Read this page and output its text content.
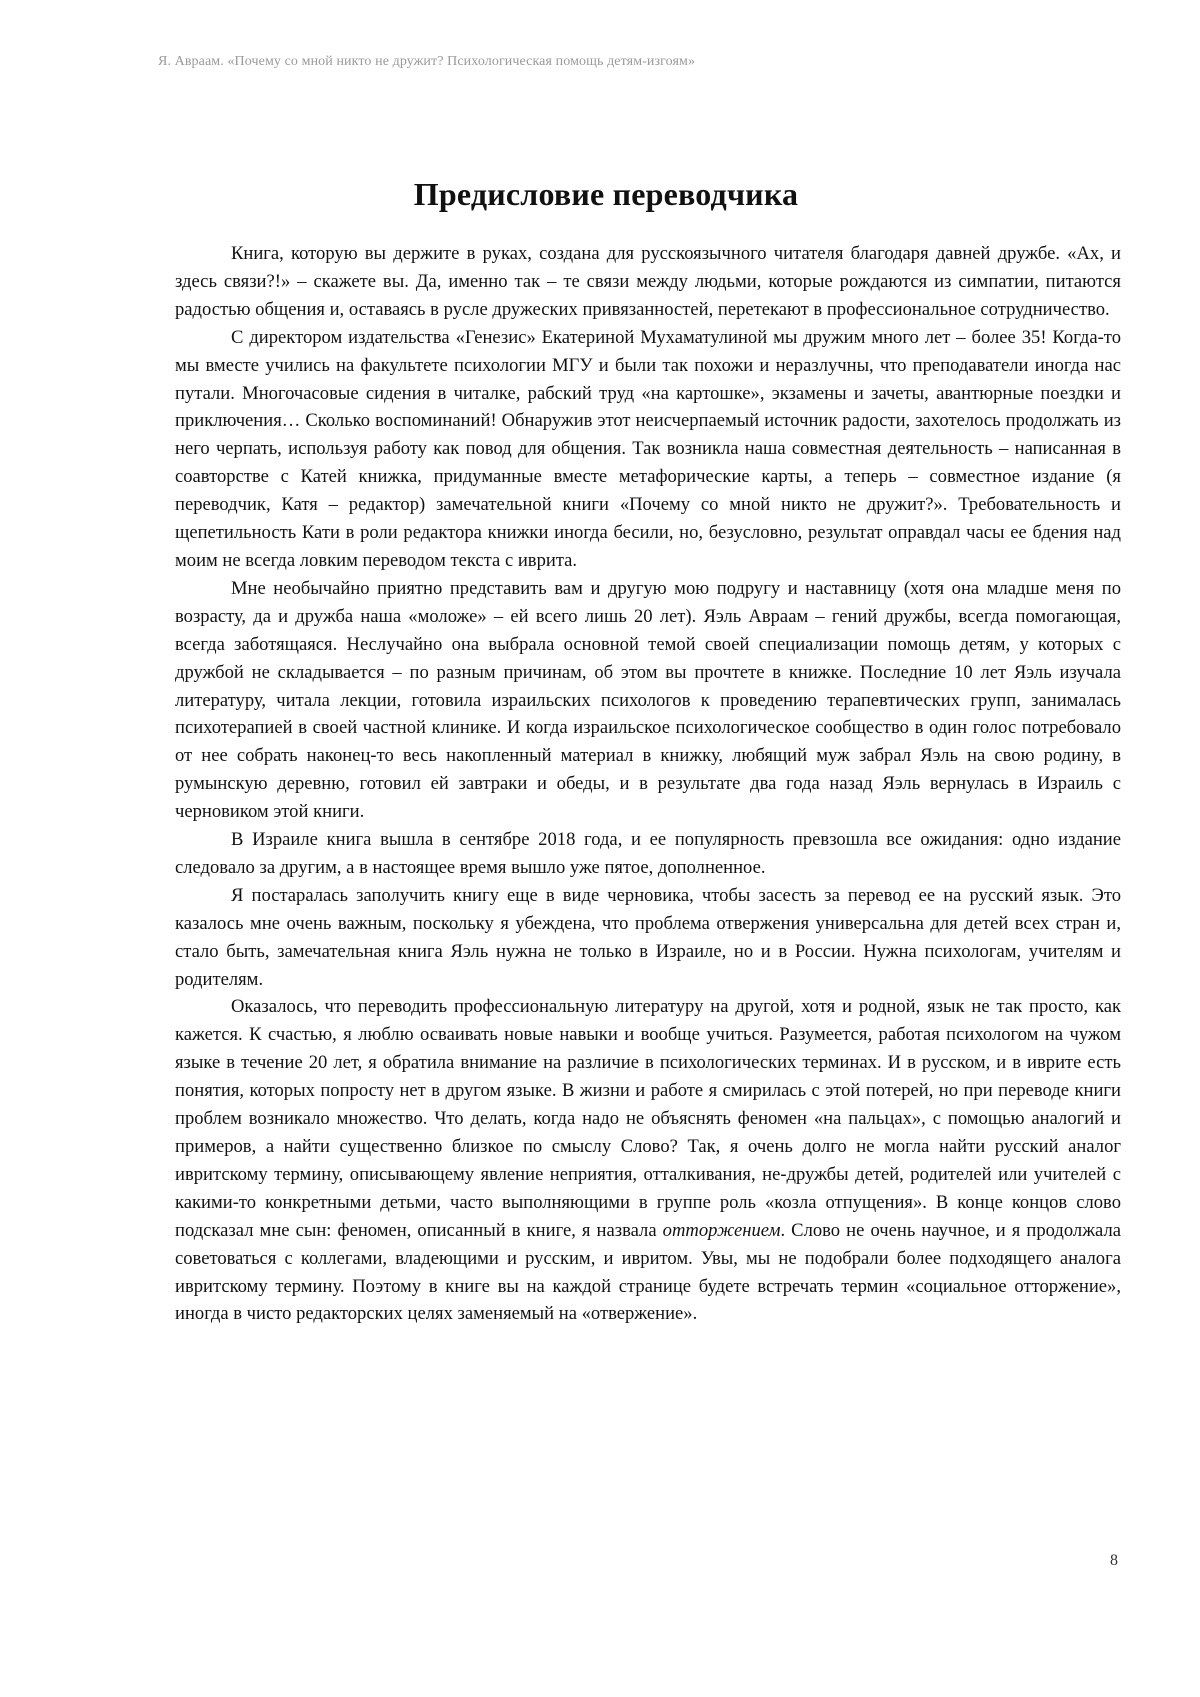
Я. Авраам. «Почему со мной никто не дружит? Психологическая помощь детям-изгоям»
Предисловие переводчика

Книга, которую вы держите в руках, создана для русскоязычного читателя благодаря давней дружбе. «Ах, и здесь связи?!» – скажете вы. Да, именно так – те связи между людьми, которые рождаются из симпатии, питаются радостью общения и, оставаясь в русле дружеских привязанностей, перетекают в профессиональное сотрудничество.

С директором издательства «Генезис» Екатериной Мухаматулиной мы дружим много лет – более 35! Когда-то мы вместе учились на факультете психологии МГУ и были так похожи и неразлучны, что преподаватели иногда нас путали. Многочасовые сидения в читалке, рабский труд «на картошке», экзамены и зачеты, авантюрные поездки и приключения… Сколько воспоминаний! Обнаружив этот неисчерпаемый источник радости, захотелось продолжать из него черпать, используя работу как повод для общения. Так возникла наша совместная деятельность – написанная в соавторстве с Катей книжка, придуманные вместе метафорические карты, а теперь – совместное издание (я переводчик, Катя – редактор) замечательной книги «Почему со мной никто не дружит?». Требовательность и щепетильность Кати в роли редактора книжки иногда бесили, но, безусловно, результат оправдал часы ее бдения над моим не всегда ловким переводом текста с иврита.

Мне необычайно приятно представить вам и другую мою подругу и наставницу (хотя она младше меня по возрасту, да и дружба наша «моложе» – ей всего лишь 20 лет). Яэль Авраам – гений дружбы, всегда помогающая, всегда заботящаяся. Неслучайно она выбрала основной темой своей специализации помощь детям, у которых с дружбой не складывается – по разным причинам, об этом вы прочтете в книжке. Последние 10 лет Яэль изучала литературу, читала лекции, готовила израильских психологов к проведению терапевтических групп, занималась психотерапией в своей частной клинике. И когда израильское психологическое сообщество в один голос потребовало от нее собрать наконец-то весь накопленный материал в книжку, любящий муж забрал Яэль на свою родину, в румынскую деревню, готовил ей завтраки и обеды, и в результате два года назад Яэль вернулась в Израиль с черновиком этой книги.

В Израиле книга вышла в сентябре 2018 года, и ее популярность превзошла все ожидания: одно издание следовало за другим, а в настоящее время вышло уже пятое, дополненное.

Я постаралась заполучить книгу еще в виде черновика, чтобы засесть за перевод ее на русский язык. Это казалось мне очень важным, поскольку я убеждена, что проблема отвержения универсальна для детей всех стран и, стало быть, замечательная книга Яэль нужна не только в Израиле, но и в России. Нужна психологам, учителям и родителям.

Оказалось, что переводить профессиональную литературу на другой, хотя и родной, язык не так просто, как кажется. К счастью, я люблю осваивать новые навыки и вообще учиться. Разумеется, работая психологом на чужом языке в течение 20 лет, я обратила внимание на различие в психологических терминах. И в русском, и в иврите есть понятия, которых попросту нет в другом языке. В жизни и работе я смирилась с этой потерей, но при переводе книги проблем возникало множество. Что делать, когда надо не объяснять феномен «на пальцах», с помощью аналогий и примеров, а найти существенно близкое по смыслу Слово? Так, я очень долго не могла найти русский аналог ивритскому термину, описывающему явление неприятия, отталкивания, не-дружбы детей, родителей или учителей с какими-то конкретными детьми, часто выполняющими в группе роль «козла отпущения». В конце концов слово подсказал мне сын: феномен, описанный в книге, я назвала отторжением. Слово не очень научное, и я продолжала советоваться с коллегами, владеющими и русским, и ивритом. Увы, мы не подобрали более подходящего аналога ивритскому термину. Поэтому в книге вы на каждой странице будете встречать термин «социальное отторжение», иногда в чисто редакторских целях заменяемый на «отвержение».

8
